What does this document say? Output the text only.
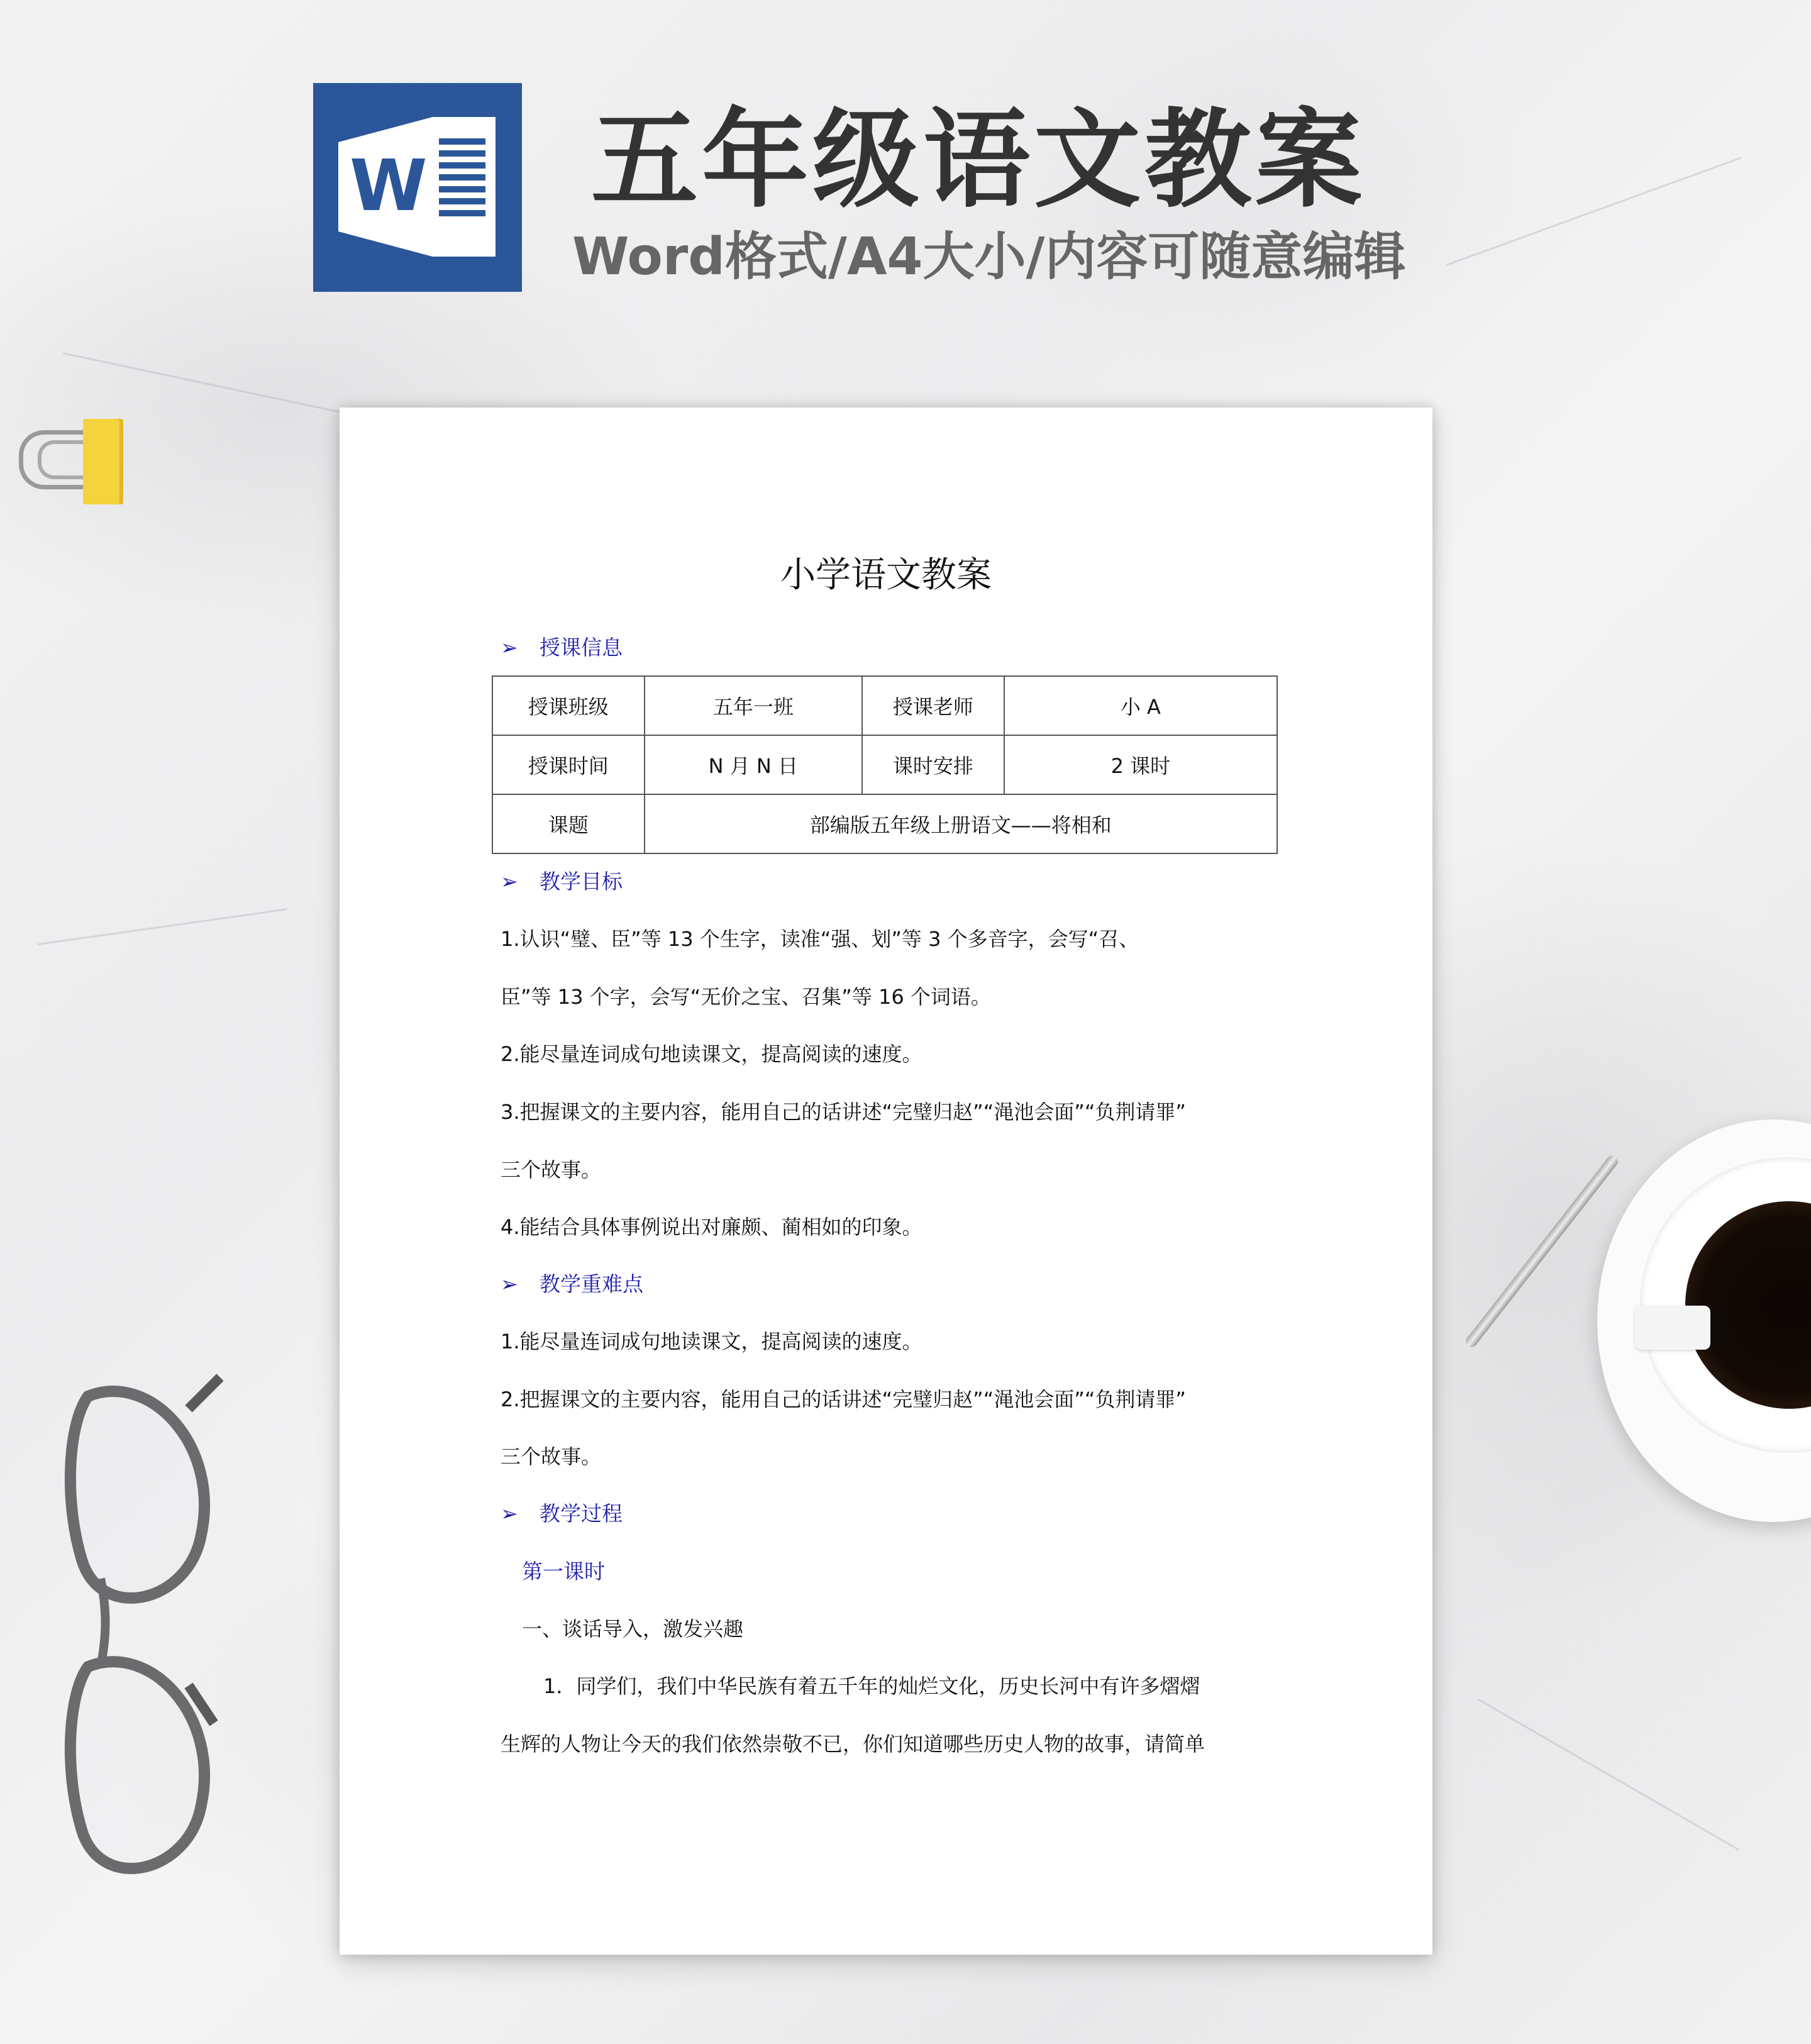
W 五年级语文教案
Word格式/A4大小/内容可随意编辑
小学语文教案
➢ 授课信息
授课班级	五年一班	授课老师	小 A
授课时间	N 月 N 日	课时安排	2 课时
课题	部编版五年级上册语文——将相和		
➢ 教学目标
1.认识“璧、臣”等 13 个生字，读准“强、划”等 3 个多音字，会写“召、
臣”等 13 个字，会写“无价之宝、召集”等 16 个词语。
2.能尽量连词成句地读课文，提高阅读的速度。
3.把握课文的主要内容，能用自己的话讲述“完璧归赵”“渑池会面”“负荆请罪”
三个故事。
4.能结合具体事例说出对廉颇、蔺相如的印象。
➢ 教学重难点
1.能尽量连词成句地读课文，提高阅读的速度。
2.把握课文的主要内容，能用自己的话讲述“完璧归赵”“渑池会面”“负荆请罪”
三个故事。
➢ 教学过程
第一课时
一、谈话导入，激发兴趣
1．同学们，我们中华民族有着五千年的灿烂文化，历史长河中有许多熠熠
生辉的人物让今天的我们依然崇敬不已，你们知道哪些历史人物的故事，请简单
